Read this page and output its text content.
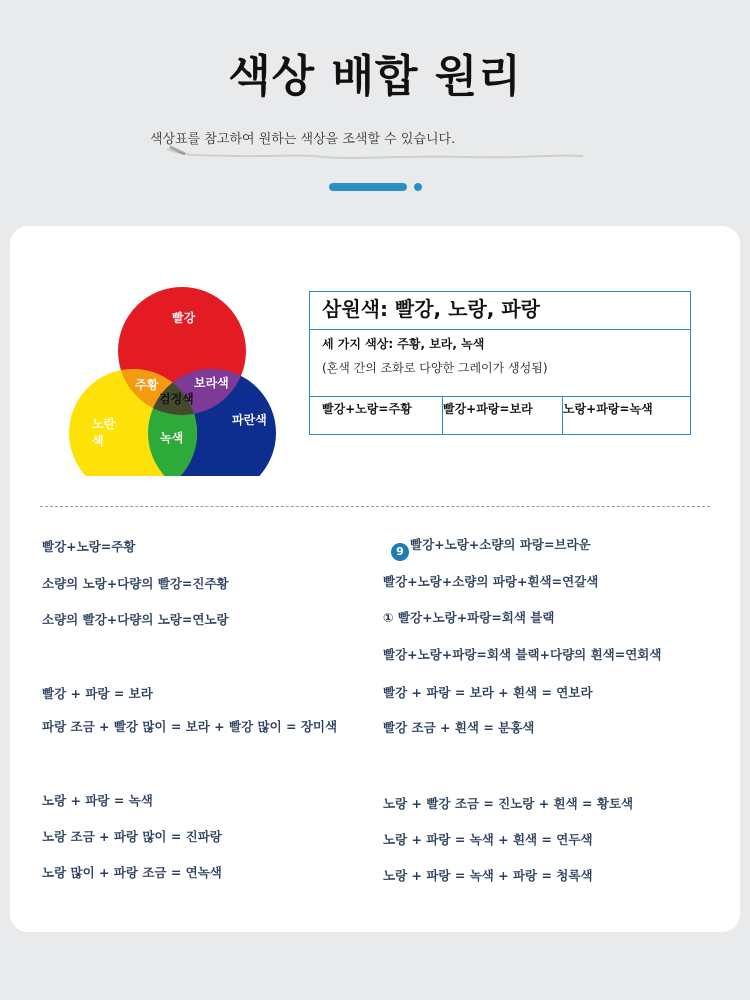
색상 배합 원리
색상표를 참고하여 원하는 색상을 조색할 수 있습니다.
빨강
노란
색
파란색
주황	보라색
녹색
검정색
삼원색: 빨강, 노랑, 파랑
세 가지 색상: 주황, 보라, 녹색
(혼색 간의 조화로 다양한 그레이가 생성됨)
빨강+노랑=주황	빨강+파랑=보라	노랑+파랑=녹색
빨강+노랑=주황
소량의 노랑+다량의 빨강=진주황
소량의 빨강+다량의 노랑=연노랑
빨강 + 파랑 = 보라
파랑 조금 + 빨강 많이 = 보라 + 빨강 많이 = 장미색
노랑 + 파랑 = 녹색
노랑 조금 + 파랑 많이 = 진파랑
노랑 많이 + 파랑 조금 = 연녹색
9 빨강+노랑+소량의 파랑=브라운
빨강+노랑+소량의 파랑+흰색=연갈색
① 빨강+노랑+파랑=회색 블랙
빨강+노랑+파랑=회색 블랙+다량의 흰색=연회색
빨강 + 파랑 = 보라 + 흰색 = 연보라
빨강 조금 + 흰색 = 분홍색
노랑 + 빨강 조금 = 진노랑 + 흰색 = 황토색
노랑 + 파랑 = 녹색 + 흰색 = 연두색
노랑 + 파랑 = 녹색 + 파랑 = 청록색
